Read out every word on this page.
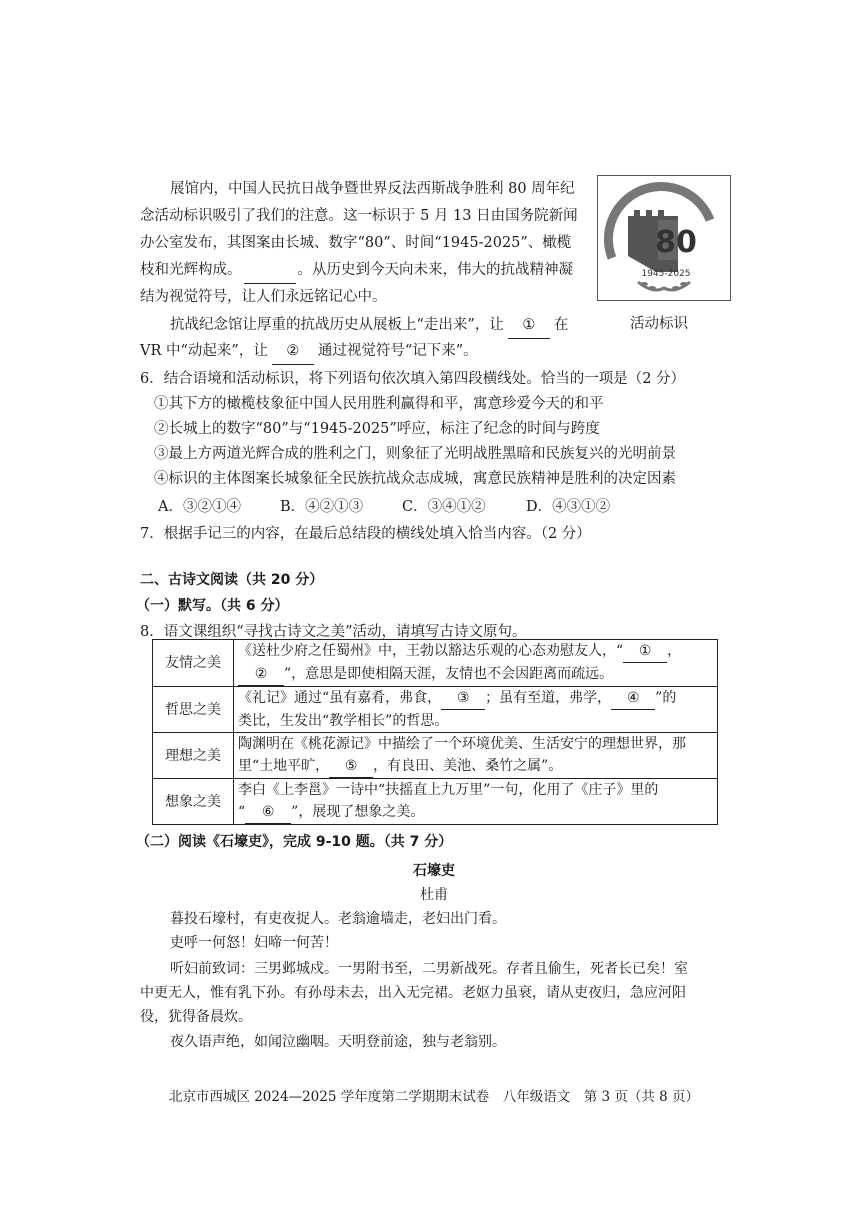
展馆内，中国人民抗日战争暨世界反法西斯战争胜利 80 周年纪
念活动标识吸引了我们的注意。这一标识于 5 月 13 日由国务院新闻
办公室发布，其图案由长城、数字“80”、时间“1945-2025”、橄榄
枝和光辉构成。	。从历史到今天向未来，伟大的抗战精神凝
结为视觉符号，让人们永远铭记心中。
抗战纪念馆让厚重的抗战历史从展板上“走出来”，让 ① 在
VR 中“动起来”，让 ② 通过视觉符号“记下来”。
80
1945-2025
活动标识
6．结合语境和活动标识，将下列语句依次填入第四段横线处。恰当的一项是（2 分）
①其下方的橄榄枝象征中国人民用胜利赢得和平，寓意珍爱今天的和平
②长城上的数字“80”与“1945-2025”呼应，标注了纪念的时间与跨度
③最上方两道光辉合成的胜利之门，则象征了光明战胜黑暗和民族复兴的光明前景
④标识的主体图案长城象征全民族抗战众志成城，寓意民族精神是胜利的决定因素
A．③②①④	B．④②①③	C．③④①②	D．④③①②
7．根据手记三的内容，在最后总结段的横线处填入恰当内容。（2 分）
二、古诗文阅读（共 20 分）
（一）默写。（共 6 分）
8．语文课组织“寻找古诗文之美”活动，请填写古诗文原句。
友情之美	《送杜少府之任蜀州》中，王勃以豁达乐观的心态劝慰友人，“ ① ，
② ”，意思是即使相隔天涯，友情也不会因距离而疏远。
哲思之美	《礼记》通过“虽有嘉肴，弗食， ③ ；虽有至道，弗学， ④ ”的
类比，生发出“教学相长”的哲思。
理想之美	陶渊明在《桃花源记》中描绘了一个环境优美、生活安宁的理想世界，那
里“土地平旷， ⑤ ，有良田、美池、桑竹之属”。
想象之美	李白《上李邕》一诗中“扶摇直上九万里”一句，化用了《庄子》里的
“ ⑥ ”，展现了想象之美。
（二）阅读《石壕吏》，完成 9-10 题。（共 7 分）
石壕吏
杜甫
暮投石壕村，有吏夜捉人。老翁逾墙走，老妇出门看。
吏呼一何怒！妇啼一何苦！
听妇前致词：三男邺城戍。一男附书至，二男新战死。存者且偷生，死者长已矣！室
中更无人，惟有乳下孙。有孙母未去，出入无完裙。老妪力虽衰，请从吏夜归，急应河阳
役，犹得备晨炊。
夜久语声绝，如闻泣幽咽。天明登前途，独与老翁别。
北京市西城区 2024—2025 学年度第二学期期末试卷　八年级语文　第 3 页（共 8 页）
